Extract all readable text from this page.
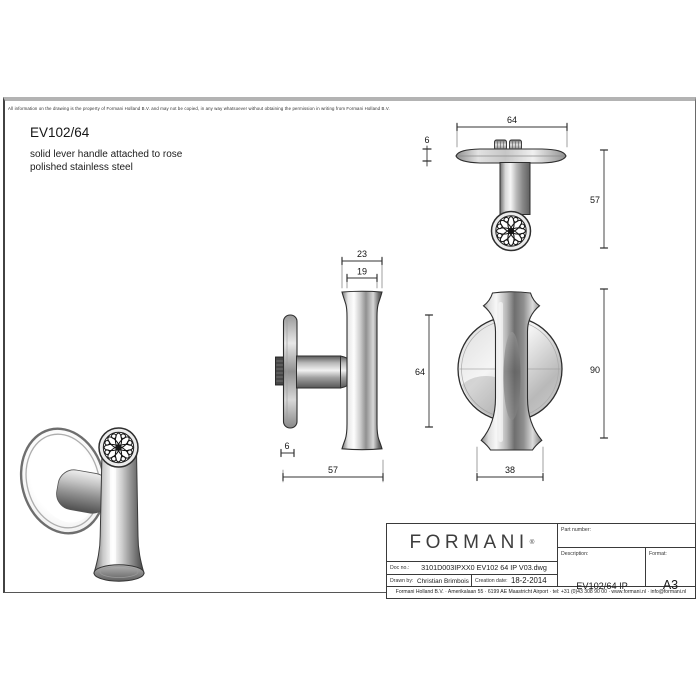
All information on the drawing is the property of Formani Holland B.V. and may not be copied, in any way whatsoever without obtaining the permission in writing from Formani Holland B.V.
EV102/64
solid lever handle attached to rose
polished stainless steel
64
6
57
23
19
64
6
57
90
38
FORMANI ®
Doc no.:	3101D003IPXX0 EV102 64 IP V03.dwg
Drawn by: Christian Brimbois Creation date: 18-2-2014
Part number:
Description:
EV102/64 IP
Format:
A3
Formani Holland B.V. · Amerikalaan 55 · 6199 AE Maastricht Airport · tel: +31 (0)43 308 90 00 · www.formani.nl · info@formani.nl
